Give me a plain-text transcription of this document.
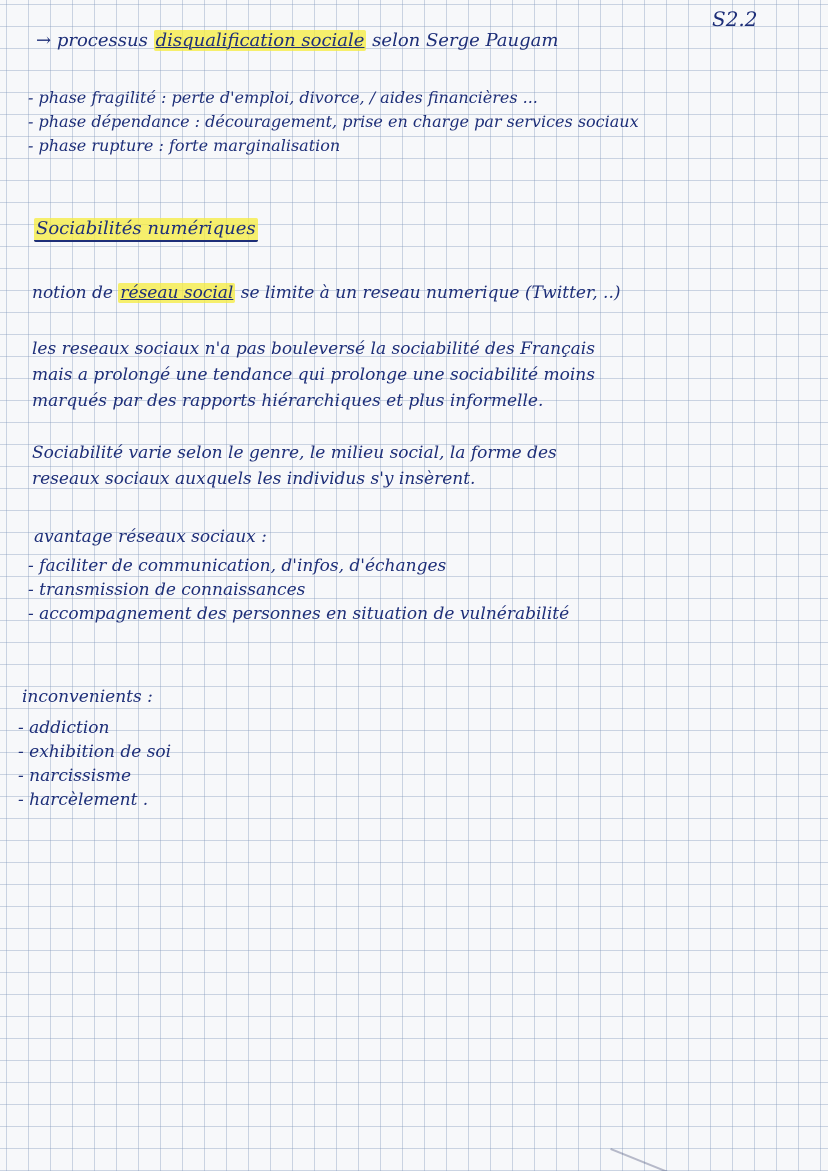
S2.2

→ processus disqualification sociale selon Serge Paugam

- phase fragilité : perte d'emploi, divorce, / aides financières ...
- phase dépendance : découragement, prise en charge par services sociaux
- phase rupture : forte marginalisation

Sociabilités numériques

notion de réseau social se limite à un reseau numerique (Twitter, ..)

les reseaux sociaux n'a pas bouleversé la sociabilité des Français
mais a prolongé une tendance qui prolonge une sociabilité moins
marqués par des rapports hiérarchiques et plus informelle.
Sociabilité varie selon le genre, le milieu social, la forme des
reseaux sociaux auxquels les individus s'y insèrent.

avantage réseaux sociaux :

- faciliter de communication, d'infos, d'échanges
- transmission de connaissances
- accompagnement des personnes en situation de vulnérabilité

inconvenients :

- addiction
- exhibition de soi
- narcissisme
- harcèlement .
